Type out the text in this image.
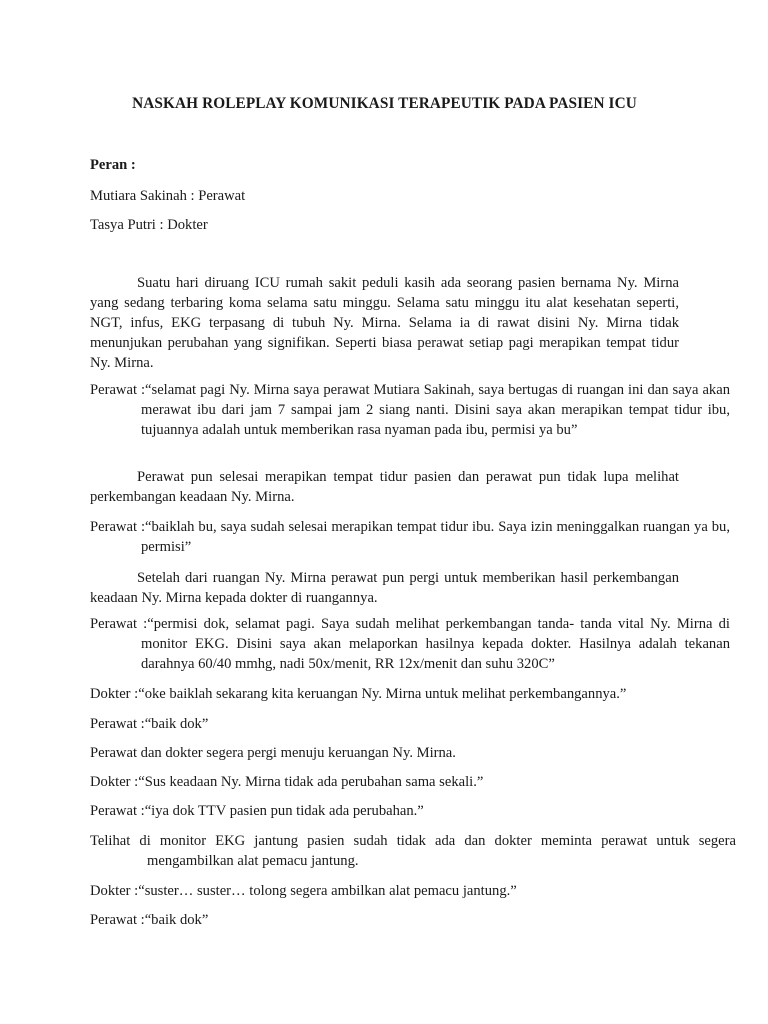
NASKAH ROLEPLAY KOMUNIKASI TERAPEUTIK PADA PASIEN ICU
Peran :
Mutiara Sakinah : Perawat
Tasya Putri : Dokter
Suatu hari diruang ICU rumah sakit peduli kasih ada seorang pasien bernama Ny. Mirna yang sedang terbaring koma selama satu minggu. Selama satu minggu itu alat kesehatan seperti, NGT, infus, EKG terpasang di tubuh Ny. Mirna. Selama ia di rawat disini Ny. Mirna tidak menunjukan perubahan yang signifikan. Seperti biasa perawat setiap pagi merapikan tempat tidur Ny. Mirna.
Perawat :“selamat pagi Ny. Mirna saya perawat Mutiara Sakinah, saya bertugas di ruangan ini dan saya akan merawat ibu dari jam 7 sampai jam 2 siang nanti. Disini saya akan merapikan tempat tidur ibu, tujuannya adalah untuk memberikan rasa nyaman pada ibu, permisi ya bu”
Perawat pun selesai merapikan tempat tidur pasien dan perawat pun tidak lupa melihat perkembangan keadaan Ny. Mirna.
Perawat :“baiklah bu, saya sudah selesai merapikan tempat tidur ibu. Saya izin meninggalkan ruangan ya bu, permisi”
Setelah dari ruangan Ny. Mirna perawat pun pergi untuk memberikan hasil perkembangan keadaan Ny. Mirna kepada dokter di ruangannya.
Perawat :“permisi dok, selamat pagi. Saya sudah melihat perkembangan tanda- tanda vital Ny. Mirna di monitor EKG. Disini saya akan melaporkan hasilnya kepada dokter. Hasilnya adalah tekanan darahnya 60/40 mmhg, nadi 50x/menit, RR 12x/menit dan suhu 320C”
Dokter :“oke baiklah sekarang kita keruangan Ny. Mirna untuk melihat perkembangannya.”
Perawat :“baik dok”
Perawat dan dokter segera pergi menuju keruangan Ny. Mirna.
Dokter :“Sus keadaan Ny. Mirna tidak ada perubahan sama sekali.”
Perawat :“iya dok TTV pasien pun tidak ada perubahan.”
Telihat di monitor EKG jantung pasien sudah tidak ada dan dokter meminta perawat untuk segera mengambilkan alat pemacu jantung.
Dokter :“suster… suster… tolong segera ambilkan alat pemacu jantung.”
Perawat :“baik dok”
